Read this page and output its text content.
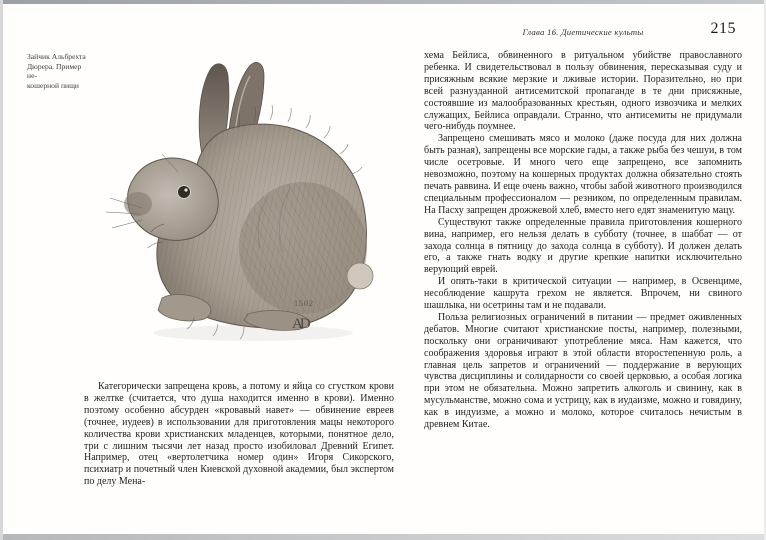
Зайчик Альбрехта
Дюрера. Пример не-
кошерной пищи
1502
AD

Категорически запрещена кровь, а потому и яйца со сгустком крови в желтке (считается, что душа находится именно в крови). Именно поэтому особенно абсурден «кровавый навет» — обвинение евреев (точнее, иудеев) в использовании для приготовления мацы некоторого количества крови христианских младенцев, которыми, понятное дело, три с лишним тысячи лет назад просто изобиловал Древний Египет. Например, отец «вертолетчика номер один» Игоря Сикорского, психиатр и почетный член Киевской духовной академии, был экспертом по делу Мена-

Глава 16. Диетические культы	215

хема Бейлиса, обвиненного в ритуальном убийстве православного ребенка. И свидетельствовал в пользу обвинения, пересказывая суду и присяжным всякие мерзкие и лживые истории. Поразительно, но при всей разнузданной антисемитской пропаганде в те дни присяжные, состоявшие из малообразованных крестьян, одного извозчика и мелких служащих, Бейлиса оправдали. Странно, что антисемиты не придумали чего-нибудь поумнее.

Запрещено смешивать мясо и молоко (даже посуда для них должна быть разная), запрещены все морские гады, а также рыба без чешуи, в том числе осетровые. И много чего еще запрещено, все запомнить невозможно, поэтому на кошерных продуктах должна обязательно стоять печать раввина. И еще очень важно, чтобы забой животного производился специальным профессионалом — резником, по определенным правилам. На Пасху запрещен дрожжевой хлеб, вместо него едят знаменитую мацу.

Существуют также определенные правила приготовления кошерного вина, например, его нельзя делать в субботу (точнее, в шаббат — от захода солнца в пятницу до захода солнца в субботу). И должен делать его, а также гнать водку и другие крепкие напитки исключительно верующий еврей.

И опять-таки в критической ситуации — например, в Освенциме, несоблюдение кашрута грехом не является. Впрочем, ни свиного шашлыка, ни осетрины там и не подавали.

Польза религиозных ограничений в питании — предмет оживленных дебатов. Многие считают христианские посты, например, полезными, поскольку они ограничивают употребление мяса. Нам кажется, что соображения здоровья играют в этой области второстепенную роль, а главная цель запретов и ограничений — поддержание в верующих чувства дисциплины и солидарности со своей церковью, а особая логика при этом не обязательна. Можно запретить алкоголь и свинину, как в мусульманстве, можно сома и устрицу, как в иудаизме, можно и говядину, как в индуизме, а можно и молоко, которое считалось нечистым в древнем Китае.
